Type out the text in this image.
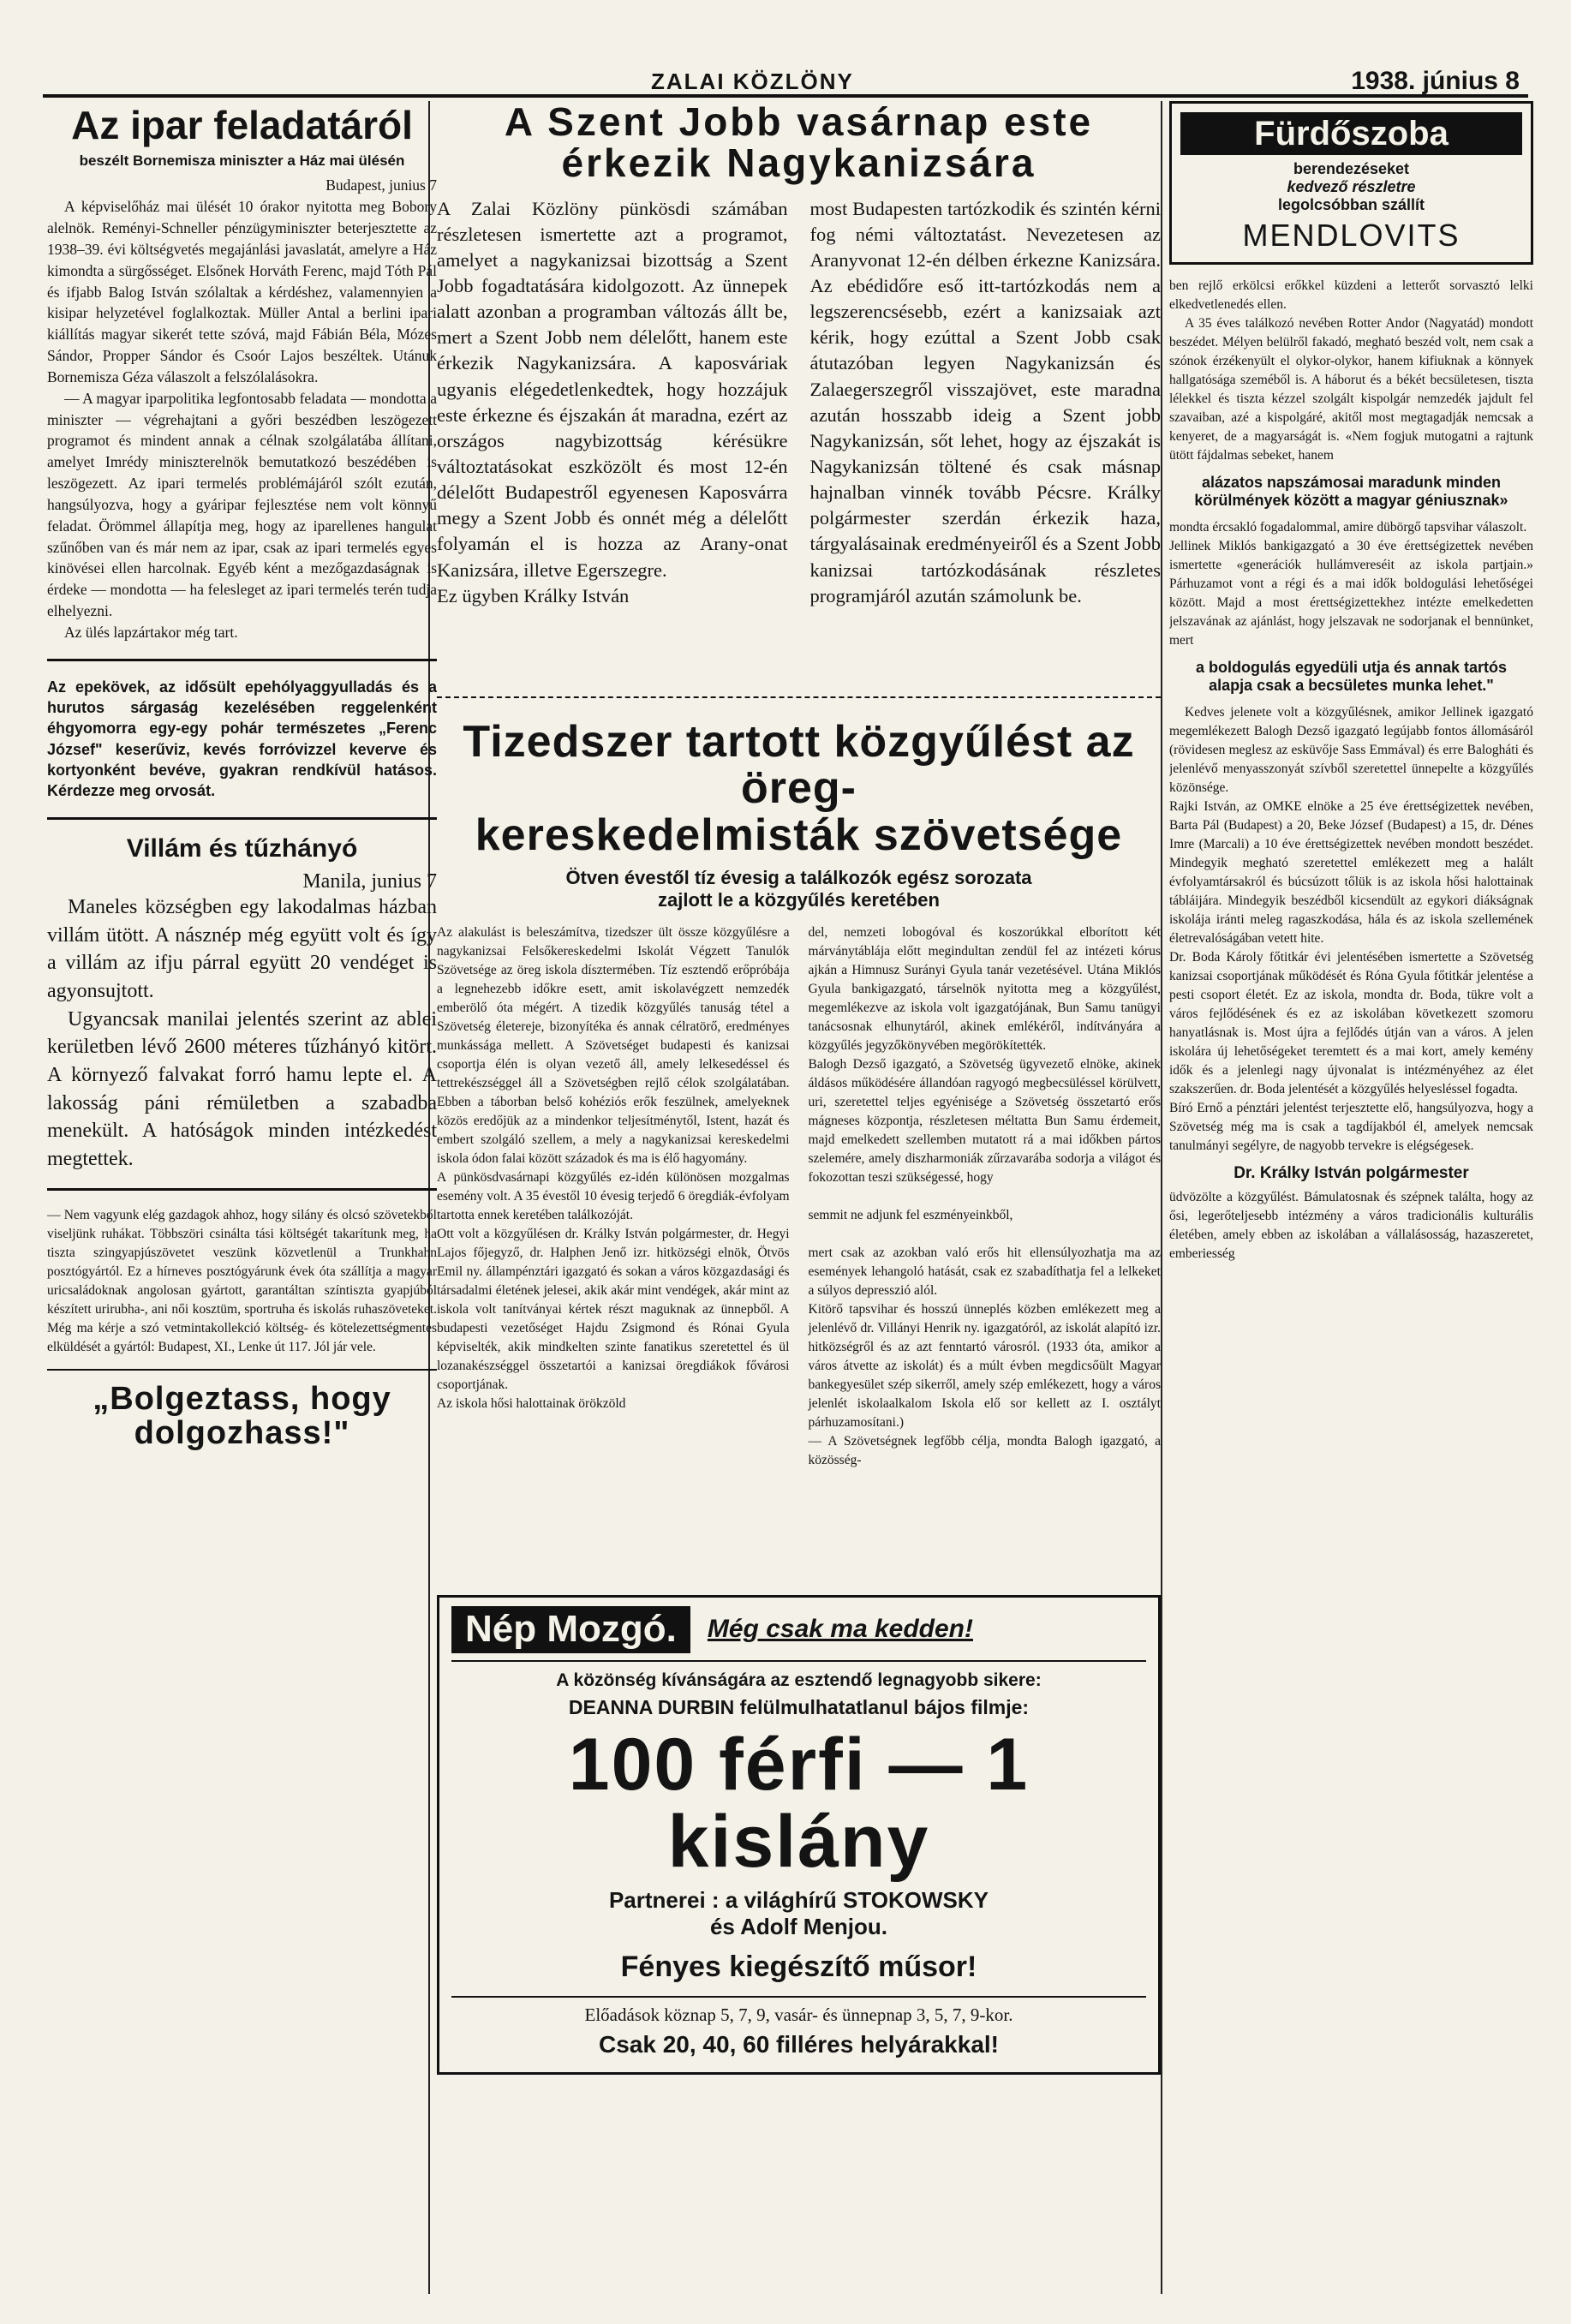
ZALAI KÖZLÖNY	1938. június 8
Az ipar feladatáról
beszélt Bornemisza miniszter a Ház mai ülésén
Budapest, junius 7

A képviselőház mai ülését 10 órakor nyitotta meg Bobory alelnök. Reményi-Schneller pénzügyminiszter beterjesztette az 1938–39. évi költségvetés megajánlási javaslatát, amelyre a Ház kimondta a sürgősséget. Elsőnek Horváth Ferenc, majd Tóth Pál és ifjabb Balog István szólaltak a kérdéshez, valamennyien a kisipar helyzetével foglalkoztak. Müller Antal a berlini ipari kiállítás magyar sikerét tette szóvá, majd Fábián Béla, Mózes Sándor, Propper Sándor és Csoór Lajos beszéltek. Utánuk Bornemisza Géza válaszolt a felszólalásokra.

— A magyar iparpolitika legfontosabb feladata — mondotta a miniszter — végrehajtani a győri beszédben leszögezett programot és mindent annak a célnak szolgálatába állítani, amelyet Imrédy miniszterelnök bemutatkozó beszédében is leszögezett. Az ipari termelés problémájáról szólt ezután, hangsúlyozva, hogy a gyáripar fejlesztése nem volt könnyű feladat. Örömmel állapítja meg, hogy az iparellenes hangulat szűnőben van és már nem az ipar, csak az ipari termelés egyes kinövései ellen harcolnak. Egyéb ként a mezőgazdaságnak is érdeke — mondotta — ha felesleget az ipari termelés terén tudja elhelyezni.

Az ülés lapzártakor még tart.

Az epekövek, az idősült epehólyaggyulladás és a hurutos sárgaság kezelésében reggelenként éhgyomorra egy-egy pohár természetes „Ferenc József" keserűviz, kevés forróvizzel keverve és kortyonként bevéve, gyakran rendkívül hatásos. Kérdezze meg orvosát.

Villám és tűzhányó
Manila, junius 7

Maneles községben egy lakodalmas házban villám ütött. A násznép még együtt volt és így a villám az ifju párral együtt 20 vendéget is agyonsujtott.

Ugyancsak manilai jelentés szerint az ablei kerületben lévő 2600 méteres tűzhányó kitört. A környező falvakat forró hamu lepte el. A lakosság páni rémületben a szabadba menekült. A hatóságok minden intézkedést megtettek.

— Nem vagyunk elég gazdagok ahhoz, hogy silány és olcsó szövetekből viseljünk ruhákat. Többszöri csinálta tási költségét takarítunk meg, ha tiszta szingyapjúszövetet veszünk közvetlenül a Trunkhahn posztógyártól. Ez a hírneves posztógyárunk évek óta szállítja a magyar uricsaládoknak angolosan gyártott, garantáltan színtiszta gyapjúból készített urirubha-, ani női kosztüm, sportruha és iskolás ruhaszöveteket. Még ma kérje a szó vetmintakollekció költség- és kötelezettségmentes elküldését a gyártól: Budapest, XI., Lenke út 117. Jól jár vele.

„Bolgeztass, hogy dolgozhass!"
A Szent Jobb vasárnap este
érkezik Nagykanizsára

A Zalai Közlöny pünkösdi számában részletesen ismertette azt a programot, amelyet a nagykanizsai bizottság a Szent Jobb fogadtatására kidolgozott. Az ünnepek alatt azonban a programban változás állt be, mert a Szent Jobb nem délelőtt, hanem este érkezik Nagykanizsára. A kaposváriak ugyanis elégedetlenkedtek, hogy hozzájuk este érkezne és éjszakán át maradna, ezért az országos nagybizottság kérésükre változtatásokat eszközölt és most 12-én délelőtt Budapestről egyenesen Kaposvárra megy a Szent Jobb és onnét még a délelőtt folyamán el is hozza az Arany-onat Kanizsára, illetve Egerszegre.
Ez ügyben Králky István

most Budapesten tartózkodik és szintén kérni fog némi változtatást. Nevezetesen az Aranyvonat 12-én délben érkezne Kanizsára. Az ebédidőre eső itt-tartózkodás nem a legszerencsésebb, ezért a kanizsaiak azt kérik, hogy ezúttal a Szent Jobb csak átutazóban legyen Nagykanizsán és Zalaegerszegről visszajövet, este maradna azután hosszabb ideig a Szent jobb Nagykanizsán, sőt lehet, hogy az éjszakát is Nagykanizsán töltené és csak másnap hajnalban vinnék tovább Pécsre. Králky polgármester szerdán érkezik haza, tárgyalásainak eredményeiről és a Szent Jobb kanizsai tartózkodásának részletes programjáról azután számolunk be.

Tizedszer tartott közgyűlést az öreg-
kereskedelmisták szövetsége
Ötven évestől tíz évesig a találkozók egész sorozata
zajlott le a közgyűlés keretében

Az alakulást is beleszámítva, tizedszer ült össze közgyűlésre a nagykanizsai Felsőkereskedelmi Iskolát Végzett Tanulók Szövetsége az öreg iskola dísztermében. Tíz esztendő erőpróbája a legnehezebb időkre esett, amit iskolavégzett nemzedék emberölő óta mégért. A tizedik közgyűlés tanuság tétel a Szövetség életereje, bizonyítéka és annak célratörő, eredményes munkássága mellett. A Szövetséget budapesti és kanizsai csoportja élén is olyan vezető áll, amely lelkesedéssel és tettrekészséggel áll a Szövetségben rejlő célok szolgálatában. Ebben a táborban belső kohéziós erők feszülnek, amelyeknek közös eredőjük az a mindenkor teljesítménytől, Istent, hazát és embert szolgáló szellem, a mely a nagykanizsai kereskedelmi iskola ódon falai között századok és ma is élő hagyomány.
A pünkösdvasárnapi közgyűlés ez-idén különösen mozgalmas esemény volt. A 35 évestől 10 évesig terjedő 6 öregdiák-évfolyam tartotta ennek keretében találkozóját.
Ott volt a közgyűlésen dr. Králky István polgármester, dr. Hegyi Lajos főjegyző, dr. Halphen Jenő izr. hitközségi elnök, Ötvös Emil ny. állampénztári igazgató és sokan a város közgazdasági és társadalmi életének jelesei, akik akár mint vendégek, akár mint az iskola volt tanítványai kértek részt maguknak az ünnepből. A budapesti vezetőséget Hajdu Zsigmond és Rónai Gyula képviselték, akik mindkelten szinte fanatikus szeretettel és ül lozanakészséggel összetartói a kanizsai öregdiákok fővárosi csoportjának.
Az iskola hősi halottainak örökzöld

del, nemzeti lobogóval és koszorúkkal elborított két márványtáblája előtt megindultan zendül fel az intézeti kórus ajkán a Himnusz Surányi Gyula tanár vezetésével. Utána Miklós Gyula bankigazgató, társelnök nyitotta meg a közgyűlést, megemlékezve az iskola volt igazgatójának, Bun Samu tanügyi tanácsosnak elhunytáról, akinek emlékéről, indítványára a közgyűlés jegyzőkönyvében megörökítették.
Balogh Dezső igazgató, a Szövetség ügyvezető elnöke, akinek áldásos működésére állandóan ragyogó megbecsüléssel körülvett, uri, szeretettel teljes egyénisége a Szövetség összetartó erős mágneses központja, részletesen méltatta Bun Samu érdemeit, majd emelkedett szellemben mutatott rá a mai időkben pártos szelemére, amely diszharmoniák zűrzavarába sodorja a világot és fokozottan teszi szükségessé, hogy

semmit ne adjunk fel eszményeinkből,

mert csak az azokban való erős hit ellensúlyozhatja ma az események lehangoló hatását, csak ez szabadíthatja fel a lelkeket a súlyos depresszió alól.
Kitörő tapsvihar és hosszú ünneplés közben emlékezett meg a jelenlévő dr. Villányi Henrik ny. igazgatóról, az iskolát alapító izr. hitközségről és az azt fenntartó városról. (1933 óta, amikor a város átvette az iskolát) és a múlt évben megdicsőült Magyar bankegyesület szép sikerről, amely szép emlékezett, hogy a város jelenlét iskolaalkalom Iskola elő sor kellett az I. osztályt párhuzamosítani.)
— A Szövetségnek legfőbb célja, mondta Balogh igazgató, a közösség-

Nép Mozgó.	Még csak ma kedden!
A közönség kívánságára az esztendő legnagyobb sikere:
DEANNA DURBIN felülmulhatatlanul bájos filmje:
100 férfi — 1 kislány
Partnerei : a világhírű STOKOWSKY
és Adolf Menjou.
Fényes kiegészítő műsor!
Előadások köznap 5, 7, 9, vasár- és ünnepnap 3, 5, 7, 9-kor.
Csak 20, 40, 60 filléres helyárakkal!
Fürdőszoba
berendezéseket
kedvező részletre
legolcsóbban szállít
MENDLOVITS

ben rejlő erkölcsi erőkkel küzdeni a letterőt sorvasztó lelki elkedvetlenedés ellen.

A 35 éves találkozó nevében Rotter Andor (Nagyatád) mondott beszédet. Mélyen belülről fakadó, megható beszéd volt, nem csak a szónok érzékenyült el olykor-olykor, hanem kifiuknak a könnyek hallgatósága szeméből is. A háborut és a békét becsületesen, tiszta lélekkel és tiszta kézzel szolgált kispolgár nemzedék jajdult fel szavaiban, azé a kispolgáré, akitől most megtagadják nemcsak a kenyeret, de a magyarságát is. «Nem fogjuk mutogatni a rajtunk ütött fájdalmas sebeket, hanem

alázatos napszámosai maradunk minden körülmények között a magyar géniusznak»

mondta ércsakló fogadalommal, amire dübörgő tapsvihar válaszolt.
Jellinek Miklós bankigazgató a 30 éve érettségizettek nevében ismertette «generációk hullámvereséit az iskola partjain.» Párhuzamot vont a régi és a mai idők boldogulási lehetőségei között. Majd a most érettségizettekhez intézte emelkedetten jelszavának az ajánlást, hogy jelszavak ne sodorjanak el bennünket, mert

a boldogulás egyedüli utja és annak tartós alapja csak a becsületes munka lehet."

Kedves jelenete volt a közgyűlésnek, amikor Jellinek igazgató megemlékezett Balogh Dezső igazgató legújabb fontos állomásáról (rövidesen meglesz az esküvője Sass Emmával) és erre Balogháti és jelenlévő menyasszonyát szívből szeretettel ünnepelte a közgyűlés közönsége.
Rajki István, az OMKE elnöke a 25 éve érettségizettek nevében, Barta Pál (Budapest) a 20, Beke József (Budapest) a 15, dr. Dénes Imre (Marcali) a 10 éve érettségizettek nevében mondott beszédet. Mindegyik megható szeretettel emlékezett meg a halált évfolyamtársakról és búcsúzott tőlük is az iskola hősi halottainak tábláijára. Mindegyik beszédből kicsendült az egykori diákságnak iskolája iránti meleg ragaszkodása, hála és az iskola szellemének életrevalóságában vetett hite.
Dr. Boda Károly főtitkár évi jelentésében ismertette a Szövetség kanizsai csoportjának működését és Róna Gyula főtitkár jelentése a pesti csoport életét. Ez az iskola, mondta dr. Boda, tükre volt a város fejlődésének és ez az iskolában következett szomoru hanyatlásnak is. Most újra a fejlődés útján van a város. A jelen iskolára új lehetőségeket teremtett és a mai kort, amely kemény idők és a jelenlegi nagy újvonalat is intézményéhez az élet szakszerűen. dr. Boda jelentését a közgyűlés helyesléssel fogadta.
Bíró Ernő a pénztári jelentést terjesztette elő, hangsúlyozva, hogy a Szövetség még ma is csak a tagdíjakból él, amelyek nemcsak tanulmányi segélyre, de nagyobb tervekre is elégségesek.

Dr. Králky István polgármester

üdvözölte a közgyűlést. Bámulatosnak és szépnek találta, hogy az ősi, legerőteljesebb intézmény a város tradicionális kulturális életében, amely ebben az iskolában a vállalásosság, hazaszeretet, emberiesség
